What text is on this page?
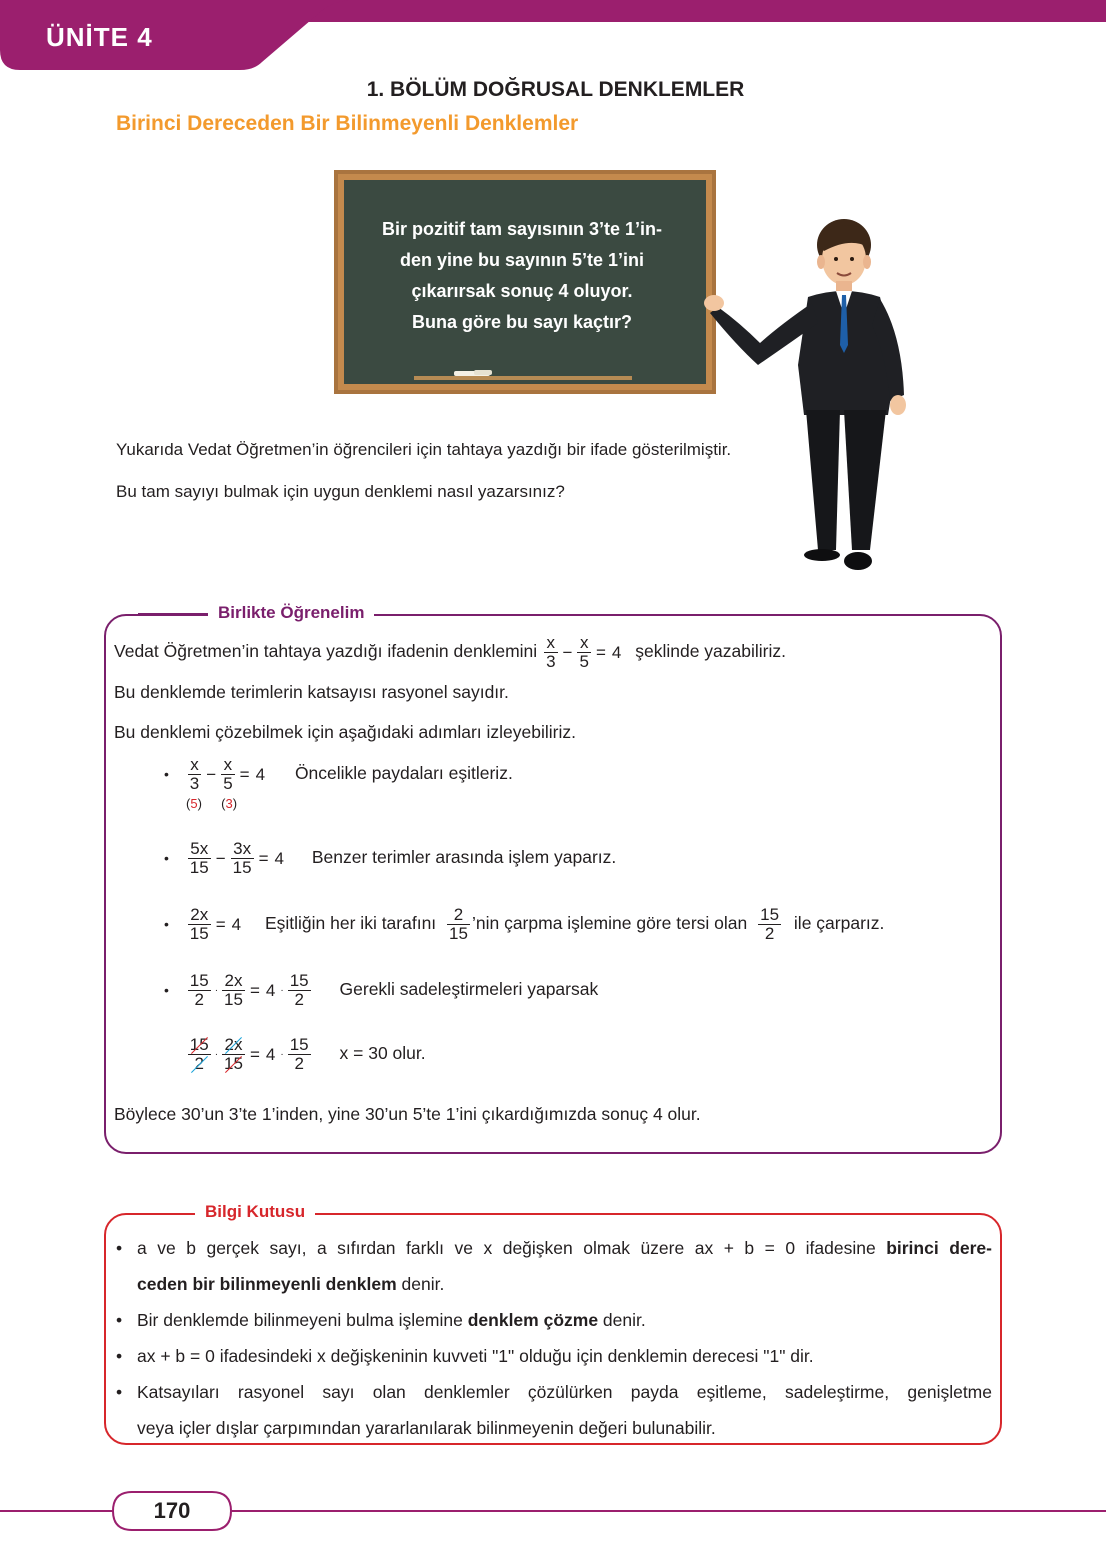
ÜNİTE 4
1. BÖLÜM DOĞRUSAL DENKLEMLER
Birinci Dereceden Bir Bilinmeyenli Denklemler
Bir pozitif tam sayısının 3’te 1’in-
den yine bu sayının 5’te 1’ini
çıkarırsak sonuç 4 oluyor.
Buna göre bu sayı kaçtır?
Yukarıda Vedat Öğretmen’in öğrencileri için tahtaya yazdığı bir ifade gösterilmiştir.
Bu tam sayıyı bulmak için uygun denklemi nasıl yazarsınız?
Birlikte Öğrenelim
Vedat Öğretmen’in tahtaya yazdığı ifadenin denklemini $\frac{x}{3} - \frac{x}{5} = 4$ şeklinde yazabiliriz.
Bu denklemde terimlerin katsayısı rasyonel sayıdır.
Bu denklemi çözebilmek için aşağıdaki adımları izleyebiliriz.
• $\frac{x}{3} - \frac{x}{5} = 4$ Öncelikle paydaları eşitleriz.
(5) (3)
• $\frac{5x}{15} - \frac{3x}{15} = 4$ Benzer terimler arasında işlem yaparız.
• $\frac{2x}{15} = 4$ Eşitliğin her iki tarafını $\frac{2}{15}$ ’nin çarpma işlemine göre tersi olan $\frac{15}{2}$ ile çarparız.
• $\frac{15}{2} \cdot \frac{2x}{15} = 4 \cdot \frac{15}{2}$ Gerekli sadeleştirmeleri yaparsak
$\frac{15}{2} \cdot \frac{2x}{15} = 4 \cdot \frac{15}{2}$ x = 30 olur.
Böylece 30’un 3’te 1’inden, yine 30’un 5’te 1’ini çıkardığımızda sonuç 4 olur.
Bilgi Kutusu
• a ve b gerçek sayı, a sıfırdan farklı ve x değişken olmak üzere ax + b = 0 ifadesine birinci dere-
ceden bir bilinmeyenli denklem denir.
• Bir denklemde bilinmeyeni bulma işlemine denklem çözme denir.
• ax + b = 0 ifadesindeki x değişkeninin kuvveti "1" olduğu için denklemin derecesi "1" dir.
• Katsayıları rasyonel sayı olan denklemler çözülürken payda eşitleme, sadeleştirme, genişletme
veya içler dışlar çarpımından yararlanılarak bilinmeyenin değeri bulunabilir.
170
